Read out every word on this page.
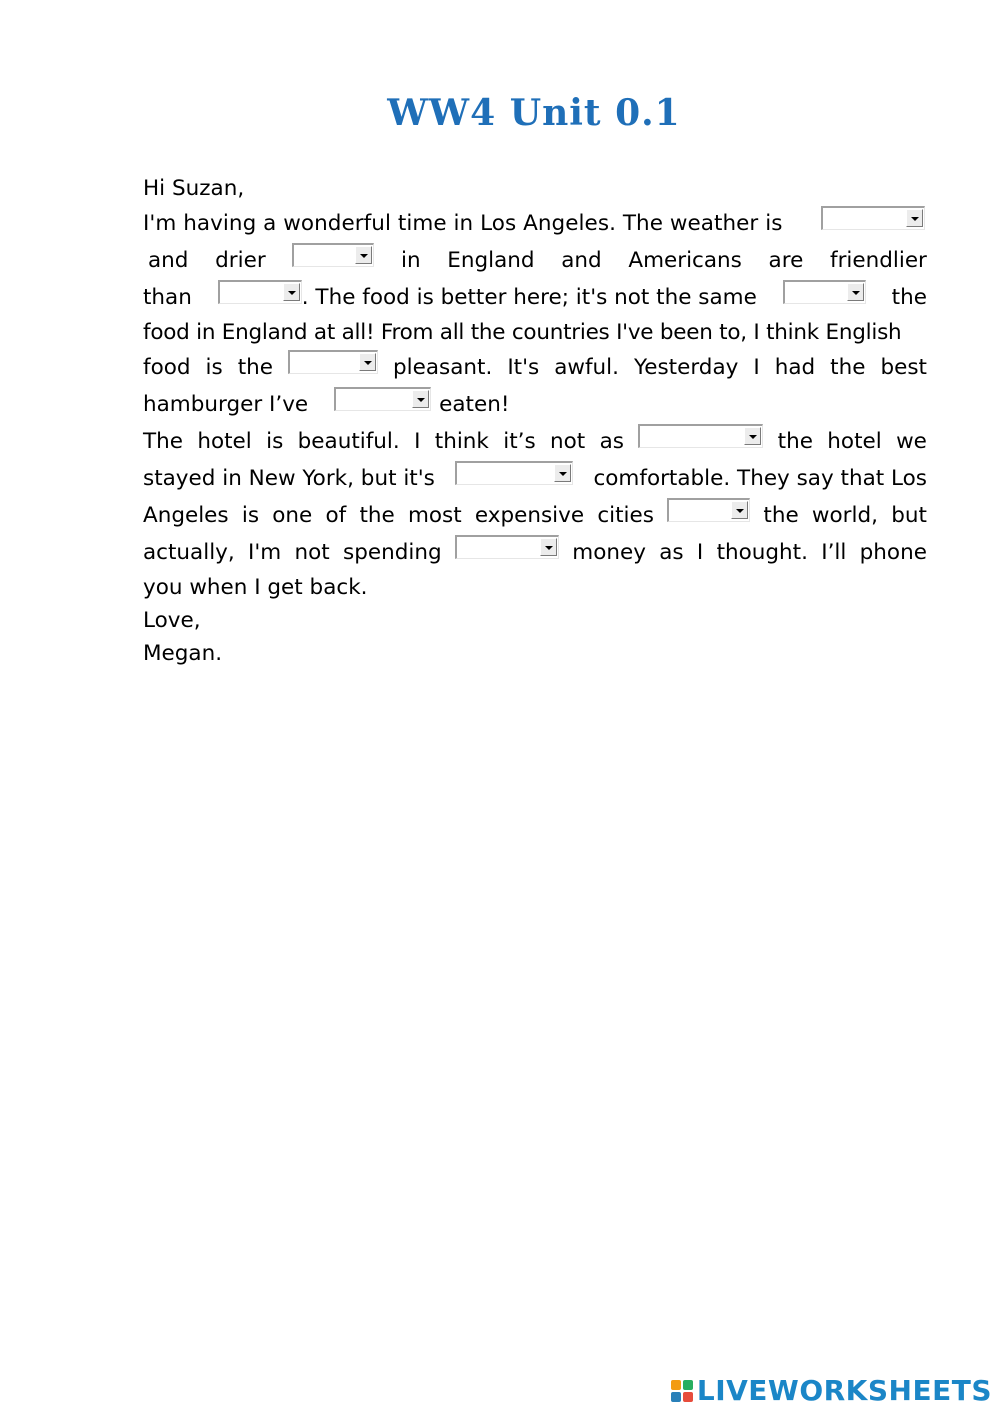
WW4 Unit 0.1
Hi Suzan,
I'm having a wonderful time in Los Angeles. The weather is
and drier	in England and Americans are friendlier
than	. The food is better here; it's not the same	the
food in England at all! From all the countries I've been to, I think English
food is the	pleasant. It's awful. Yesterday I had the best
hamburger I’ve	eaten!
The hotel is beautiful. I think it’s not as	the hotel we
stayed in New York, but it's	comfortable. They say that Los
Angeles is one of the most expensive cities	the world, but
actually, I'm not spending	money as I thought. I’ll phone
you when I get back.
Love,
Megan.
LIVEWORKSHEETS
